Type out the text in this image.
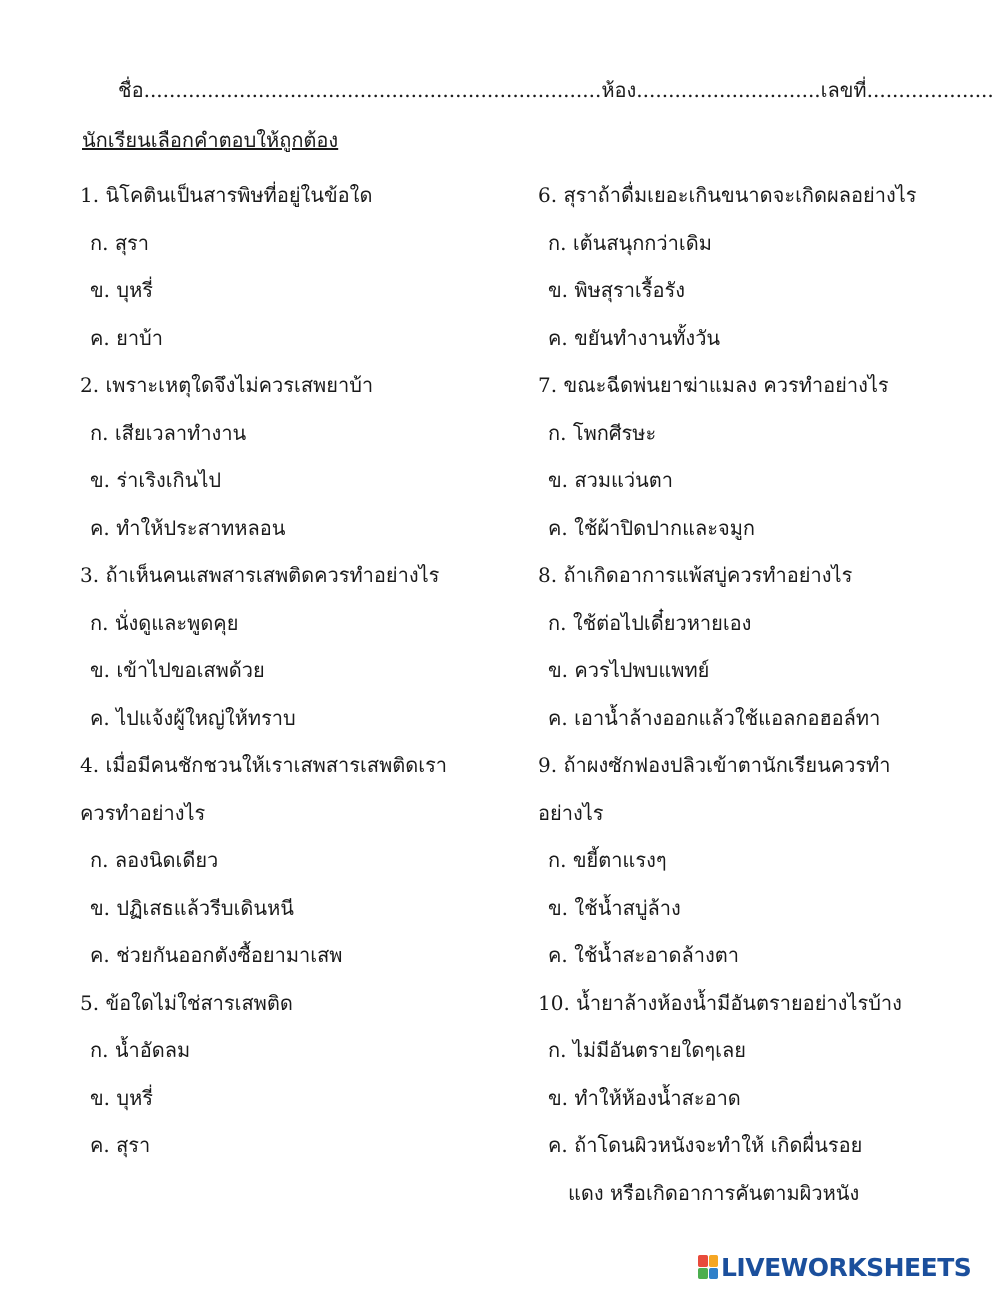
ชื่อ........................................................................ห้อง.............................เลขที่....................
นักเรียนเลือกคำตอบให้ถูกต้อง
1. นิโคตินเป็นสารพิษที่อยู่ในข้อใด
ก. สุรา
ข. บุหรี่
ค. ยาบ้า
2. เพราะเหตุใดจึงไม่ควรเสพยาบ้า
ก. เสียเวลาทำงาน
ข. ร่าเริงเกินไป
ค. ทำให้ประสาทหลอน
3. ถ้าเห็นคนเสพสารเสพติดควรทำอย่างไร
ก. นั่งดูและพูดคุย
ข. เข้าไปขอเสพด้วย
ค. ไปแจ้งผู้ใหญ่ให้ทราบ
4. เมื่อมีคนชักชวนให้เราเสพสารเสพติดเรา
ควรทำอย่างไร
ก. ลองนิดเดียว
ข. ปฏิเสธแล้วรีบเดินหนี
ค. ช่วยกันออกตังซื้อยามาเสพ
5. ข้อใดไม่ใช่สารเสพติด
ก. น้ำอัดลม
ข. บุหรี่
ค. สุรา
6. สุราถ้าดื่มเยอะเกินขนาดจะเกิดผลอย่างไร
ก. เต้นสนุกกว่าเดิม
ข. พิษสุราเรื้อรัง
ค. ขยันทำงานทั้งวัน
7. ขณะฉีดพ่นยาฆ่าแมลง ควรทำอย่างไร
ก. โพกศีรษะ
ข. สวมแว่นตา
ค. ใช้ผ้าปิดปากและจมูก
8. ถ้าเกิดอาการแพ้สบู่ควรทำอย่างไร
ก. ใช้ต่อไปเดี๋ยวหายเอง
ข. ควรไปพบแพทย์
ค. เอาน้ำล้างออกแล้วใช้แอลกอฮอล์ทา
9. ถ้าผงซักฟองปลิวเข้าตานักเรียนควรทำ
อย่างไร
ก. ขยี้ตาแรงๆ
ข. ใช้น้ำสบู่ล้าง
ค. ใช้น้ำสะอาดล้างตา
10. น้ำยาล้างห้องน้ำมีอันตรายอย่างไรบ้าง
ก. ไม่มีอันตรายใดๆเลย
ข. ทำให้ห้องน้ำสะอาด
ค. ถ้าโดนผิวหนังจะทำให้ เกิดผื่นรอย
แดง หรือเกิดอาการคันตามผิวหนัง
LIVEWORKSHEETS
